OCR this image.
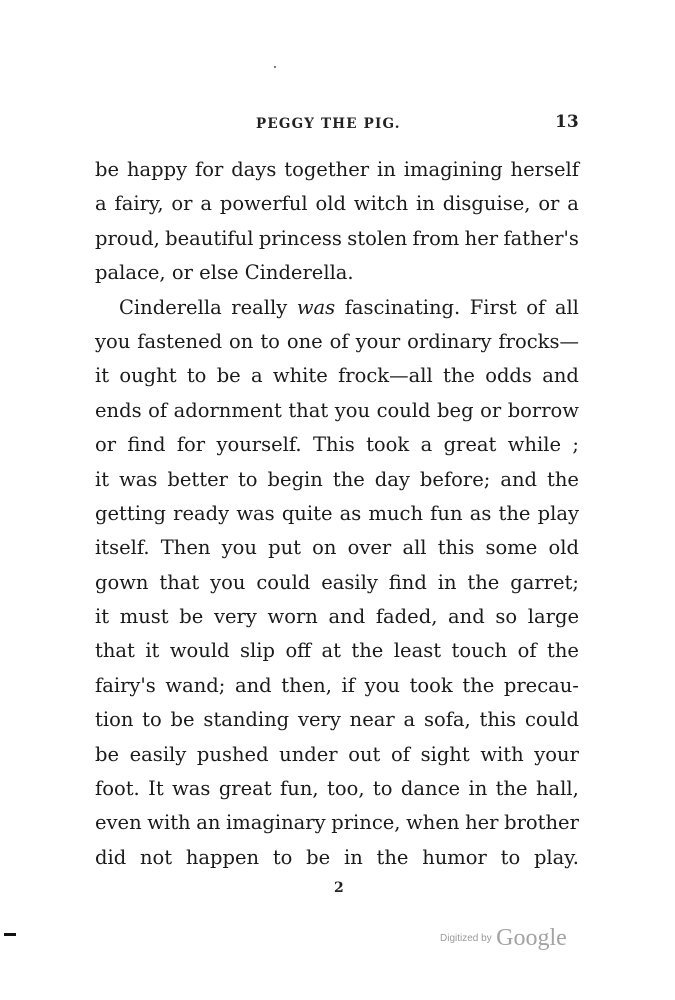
PEGGY THE PIG.	13
be happy for days together in imagining herself
a fairy, or a powerful old witch in disguise, or a
proud, beautiful princess stolen from her father's
palace, or else Cinderella.
Cinderella really was fascinating. First of all
you fastened on to one of your ordinary frocks—
it ought to be a white frock—all the odds and
ends of adornment that you could beg or borrow
or find for yourself. This took a great while ;
it was better to begin the day before; and the
getting ready was quite as much fun as the play
itself. Then you put on over all this some old
gown that you could easily find in the garret;
it must be very worn and faded, and so large
that it would slip off at the least touch of the
fairy's wand; and then, if you took the precau-
tion to be standing very near a sofa, this could
be easily pushed under out of sight with your
foot. It was great fun, too, to dance in the hall,
even with an imaginary prince, when her brother
did not happen to be in the humor to play.
2
$^{Digitized by}$ Google
